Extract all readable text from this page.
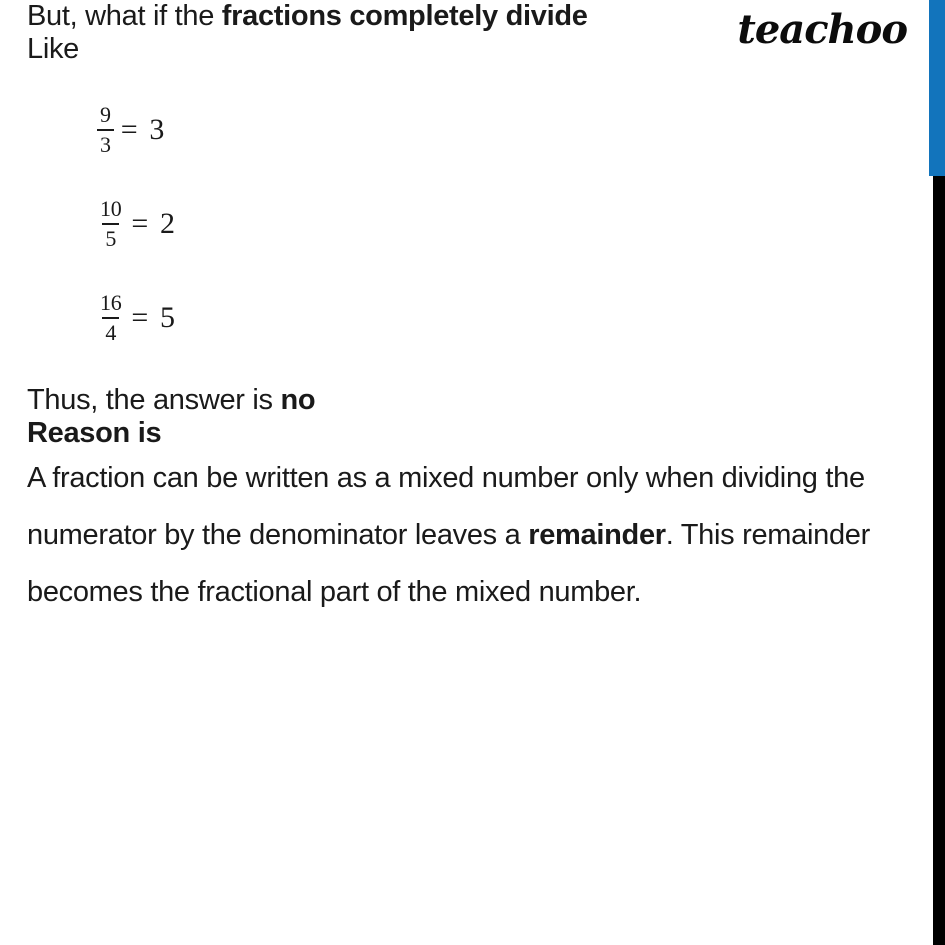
teachoo

But, what if the fractions completely divide

Like

$\frac{9}{3} = 3$
$\frac{10}{5} = 2$
$\frac{16}{4} = 5$

Thus, the answer is no

Reason is

A fraction can be written as a mixed number only when dividing the
numerator by the denominator leaves a remainder. This remainder
becomes the fractional part of the mixed number.
